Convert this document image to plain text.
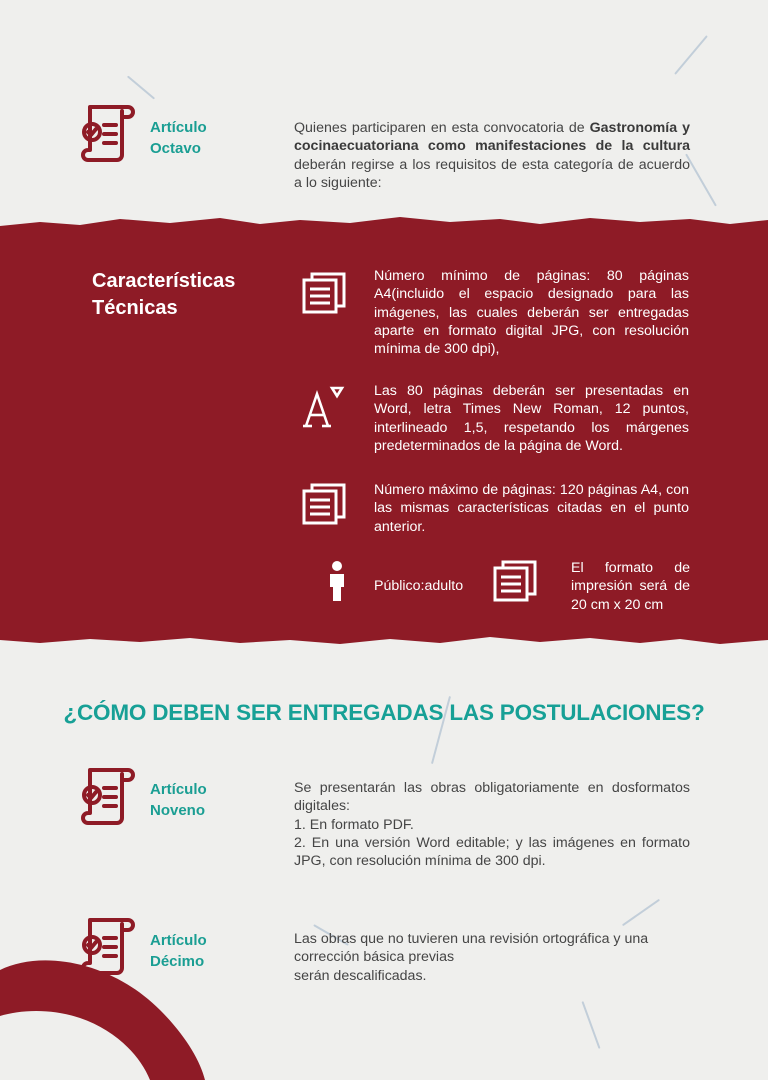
Artículo
Octavo
Quienes participaren en esta convocatoria de Gastronomía y cocinaecuatoriana como manifestaciones de la cultura deberán regirse a los requisitos de esta categoría de acuerdo a lo siguiente:
Características
Técnicas
Número mínimo de páginas: 80 páginas A4(incluido el espacio designado para las imágenes, las cuales deberán ser entregadas aparte en formato digital JPG, con resolución mínima de 300 dpi),
Las 80 páginas deberán ser presentadas en Word, letra Times New Roman, 12 puntos, interlineado 1,5, respetando los márgenes predeterminados de la página de Word.
Número máximo de páginas: 120 páginas A4, con las mismas características citadas en el punto anterior.
Público:adulto
El formato de impresión será de 20 cm x 20 cm
¿CÓMO DEBEN SER ENTREGADAS LAS POSTULACIONES?
Artículo
Noveno
Se presentarán las obras obligatoriamente en dosformatos digitales:
1. En formato PDF.
2. En una versión Word editable; y las imágenes en formato JPG, con resolución mínima de 300 dpi.
Artículo
Décimo
Las obras que no tuvieren una revisión ortográfica y una corrección básica previas
serán descalificadas.
